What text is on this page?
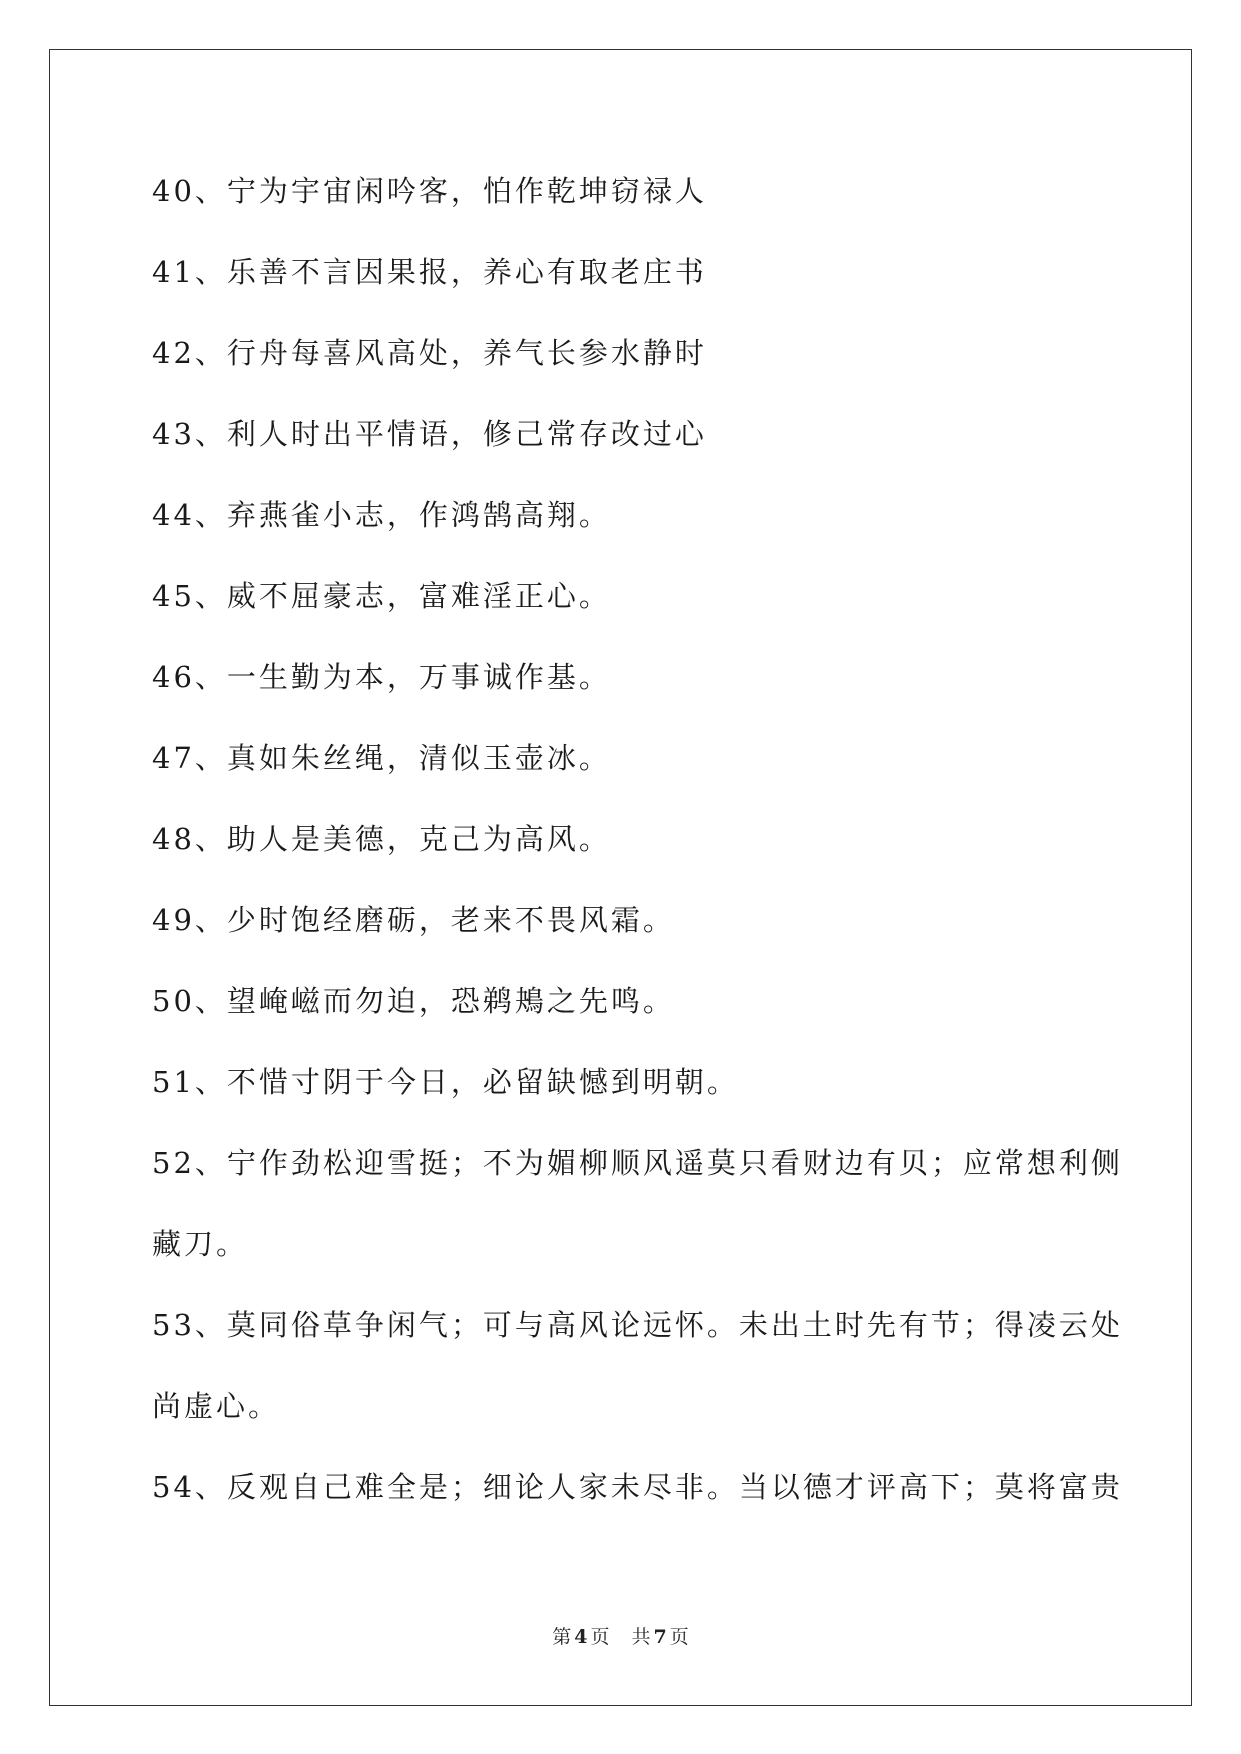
40、宁为宇宙闲吟客，怕作乾坤窃禄人
41、乐善不言因果报，养心有取老庄书
42、行舟每喜风高处，养气长参水静时
43、利人时出平情语，修己常存改过心
44、弃燕雀小志，作鸿鹄高翔。
45、威不屈豪志，富难淫正心。
46、一生勤为本，万事诚作基。
47、真如朱丝绳，清似玉壶冰。
48、助人是美德，克己为高风。
49、少时饱经磨砺，老来不畏风霜。
50、望崦嵫而勿迫，恐鹈鴂之先鸣。
51、不惜寸阴于今日，必留缺憾到明朝。
52、宁作劲松迎雪挺；不为媚柳顺风遥莫只看财边有贝；应常想利侧
藏刀。
53、莫同俗草争闲气；可与高风论远怀。未出土时先有节；得凌云处
尚虚心。
54、反观自己难全是；细论人家未尽非。当以德才评高下；莫将富贵
第 4 页 共 7 页
